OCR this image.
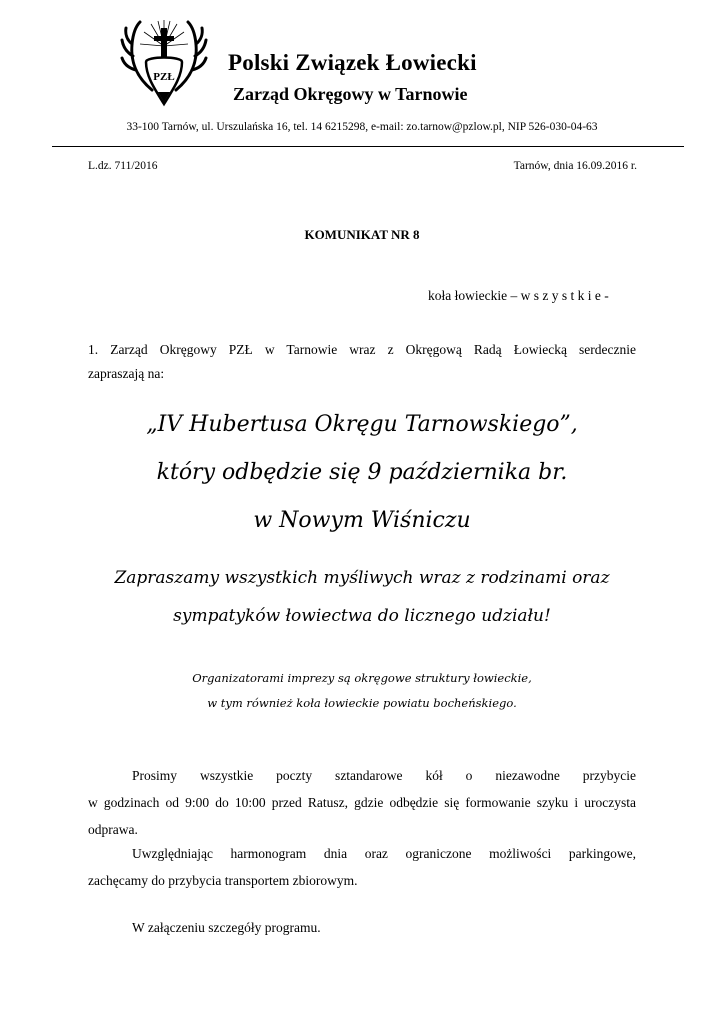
PZŁ
Polski Związek Łowiecki
Zarząd Okręgowy w Tarnowie
33-100 Tarnów, ul. Urszulańska 16, tel. 14 6215298, e-mail: zo.tarnow@pzlow.pl, NIP 526-030-04-63
L.dz. 711/2016	Tarnów, dnia 16.09.2016 r.
KOMUNIKAT NR 8
koła łowieckie – w s z y s t k i e -
1. Zarząd Okręgowy PZŁ w Tarnowie wraz z Okręgową Radą Łowiecką serdecznie
zapraszają na:
„IV Hubertusa Okręgu Tarnowskiego”,
który odbędzie się 9 października br.
w Nowym Wiśniczu
Zapraszamy wszystkich myśliwych wraz z rodzinami oraz
sympatyków łowiectwa do licznego udziału!
Organizatorami imprezy są okręgowe struktury łowieckie,
w tym również koła łowieckie powiatu bocheńskiego.
Prosimy wszystkie poczty sztandarowe kół o niezawodne przybycie
w godzinach od 9:00 do 10:00 przed Ratusz, gdzie odbędzie się formowanie szyku i uroczysta
odprawa.
Uwzględniając harmonogram dnia oraz ograniczone możliwości parkingowe,
zachęcamy do przybycia transportem zbiorowym.
W załączeniu szczegóły programu.
